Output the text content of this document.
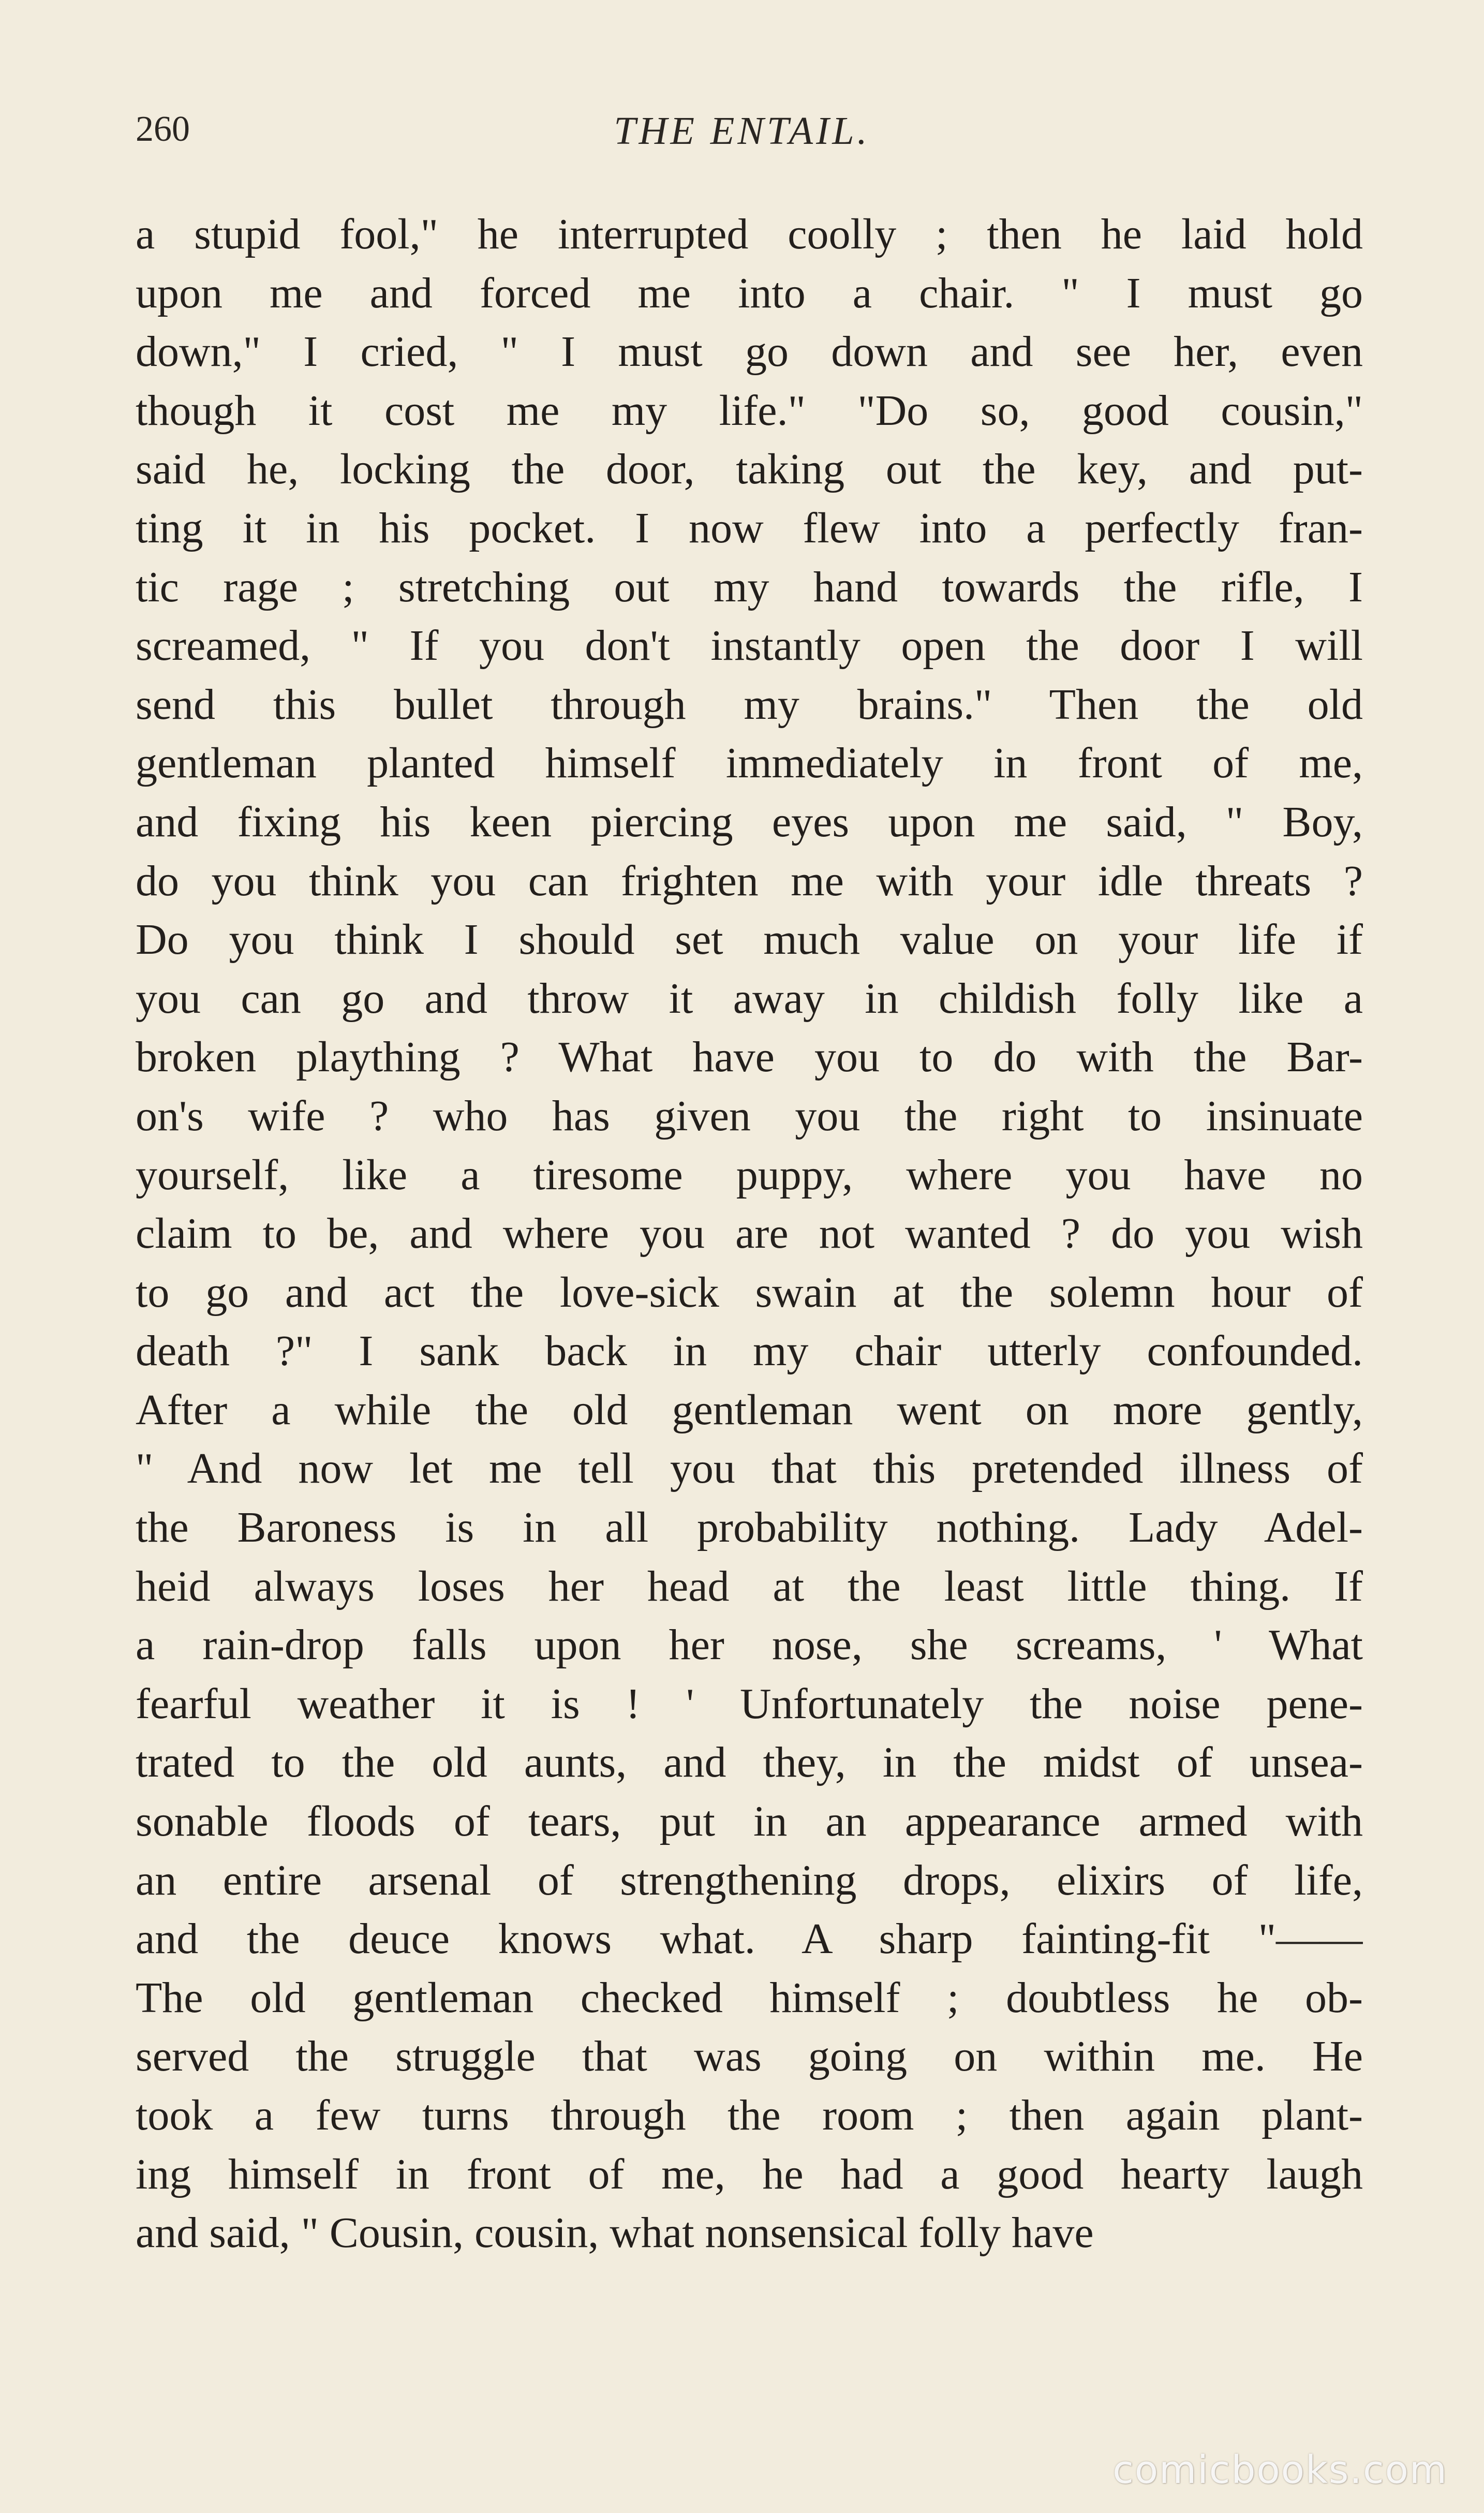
260	THE ENTAIL.
a stupid fool," he interrupted coolly ; then he laid hold
upon me and forced me into a chair. " I must go
down," I cried, " I must go down and see her, even
though it cost me my life." "Do so, good cousin,"
said he, locking the door, taking out the key, and put-
ting it in his pocket. I now flew into a perfectly fran-
tic rage ; stretching out my hand towards the rifle, I
screamed, " If you don't instantly open the door I will
send this bullet through my brains." Then the old
gentleman planted himself immediately in front of me,
and fixing his keen piercing eyes upon me said, " Boy,
do you think you can frighten me with your idle threats ?
Do you think I should set much value on your life if
you can go and throw it away in childish folly like a
broken plaything ? What have you to do with the Bar-
on's wife ? who has given you the right to insinuate
yourself, like a tiresome puppy, where you have no
claim to be, and where you are not wanted ? do you wish
to go and act the love-sick swain at the solemn hour of
death ?" I sank back in my chair utterly confounded.
After a while the old gentleman went on more gently,
" And now let me tell you that this pretended illness of
the Baroness is in all probability nothing. Lady Adel-
heid always loses her head at the least little thing. If
a rain-drop falls upon her nose, she screams, ' What
fearful weather it is ! ' Unfortunately the noise pene-
trated to the old aunts, and they, in the midst of unsea-
sonable floods of tears, put in an appearance armed with
an entire arsenal of strengthening drops, elixirs of life,
and the deuce knows what. A sharp fainting-fit "——
The old gentleman checked himself ; doubtless he ob-
served the struggle that was going on within me. He
took a few turns through the room ; then again plant-
ing himself in front of me, he had a good hearty laugh
and said, " Cousin, cousin, what nonsensical folly have
comicbooks.com
